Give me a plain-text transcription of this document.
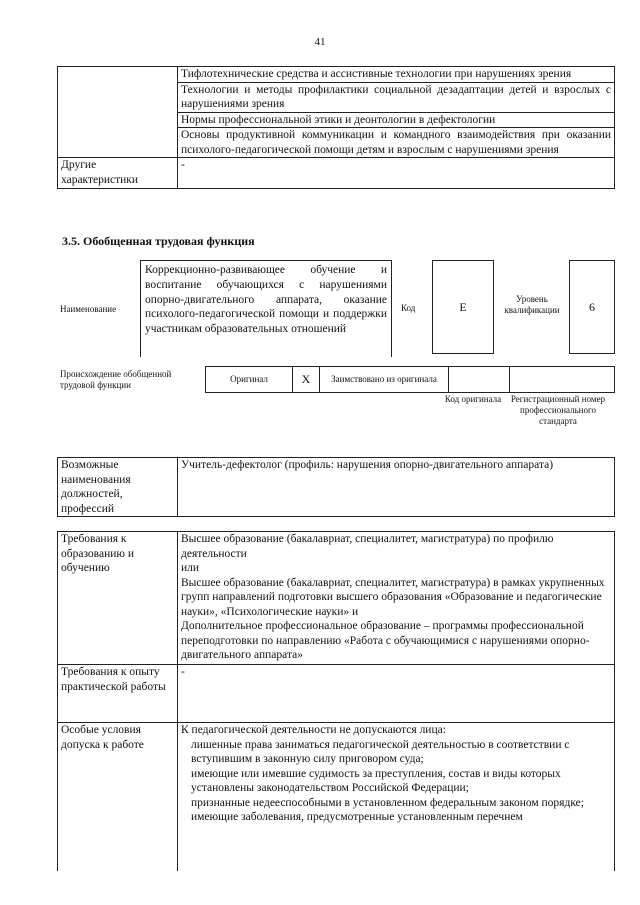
41
	Тифлотехнические средства и ассистивные технологии при нарушениях зрения
	Технологии и методы профилактики социальной дезадаптации детей и взрослых с нарушениями зрения
	Нормы профессиональной этики и деонтологии в дефектологии
	Основы продуктивной коммуникации и командного взаимодействия при оказании психолого-педагогической помощи детям и взрослым с нарушениями зрения
Другие характеристики	-
3.5. Обобщенная трудовая функция
Наименование
Коррекционно-развивающее обучение и воспитание обучающихся с нарушениями опорно-двигательного аппарата, оказание психолого-педагогической помощи и поддержки участникам образовательных отношений
Код	E
Уровень квалификации	6
Происхождение обобщенной трудовой функции
Оригинал	X	Заимствовано из оригинала		
Код оригинала	Регистрационный номер профессионального стандарта
Возможные наименования должностей, профессий	Учитель-дефектолог (профиль: нарушения опорно-двигательного аппарата)
Требования к образованию и обучению	Высшее образование (бакалавриат, специалитет, магистратура) по профилю деятельности
или
Высшее образование (бакалавриат, специалитет, магистратура) в рамках укрупненных групп направлений подготовки высшего образования «Образование и педагогические науки», «Психологические науки» и
Дополнительное профессиональное образование – программы профессиональной переподготовки по направлению «Работа с обучающимися с нарушениями опорно-двигательного аппарата»

Требования к опыту практической работы	-
Особые условия допуска к работе	К педагогической деятельности не допускаются лица:
лишенные права заниматься педагогической деятельностью в соответствии с вступившим в законную силу приговором суда;
имеющие или имевшие судимость за преступления, состав и виды которых установлены законодательством Российской Федерации;
признанные недееспособными в установленном федеральным законом порядке;
имеющие заболевания, предусмотренные установленным перечнем
